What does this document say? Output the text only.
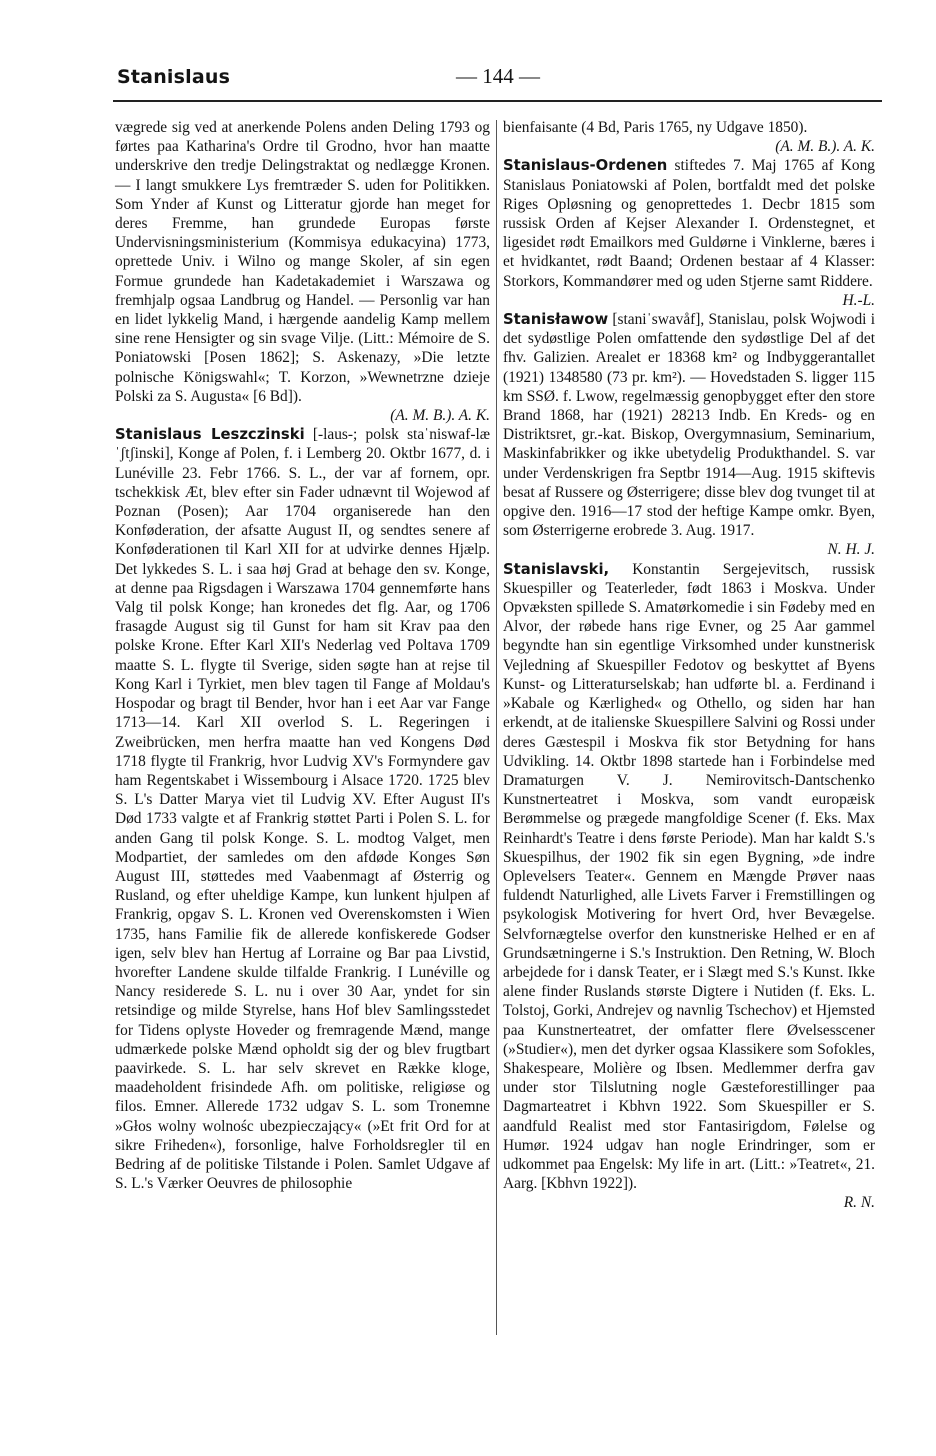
Stanislaus	— 144 —

vægrede sig ved at anerkende Polens anden Deling 1793 og førtes paa Katharina's Ordre til Grodno, hvor han maatte underskrive den tredje Delingstraktat og nedlægge Kronen. — I langt smukkere Lys fremtræder S. uden for Politikken. Som Ynder af Kunst og Litteratur gjorde han meget for deres Fremme, han grundede Europas første Undervisningsministerium (Kommisya edukacyina) 1773, oprettede Univ. i Wilno og mange Skoler, af sin egen Formue grundede han Kadetakademiet i Warszawa og fremhjalp ogsaa Landbrug og Handel. — Personlig var han en lidet lykkelig Mand, i hærgende aandelig Kamp mellem sine rene Hensigter og sin svage Vilje. (Litt.: Mémoire de S. Poniatowski [Posen 1862]; S. Askenazy, »Die letzte polnische Königswahl«; T. Korzon, »Wewnetrzne dzieje Polski za S. Augusta« [6 Bd]).
(A. M. B.). A. K.

Stanislaus Leszczinski [-laus-; polsk staˈniswaf-læˈʃtʃinski], Konge af Polen, f. i Lemberg 20. Oktbr 1677, d. i Lunéville 23. Febr 1766. S. L., der var af fornem, opr. tschekkisk Æt, blev efter sin Fader udnævnt til Wojewod af Poznan (Posen); Aar 1704 organiserede han den Konføderation, der afsatte August II, og sendtes senere af Konføderationen til Karl XII for at udvirke dennes Hjælp. Det lykkedes S. L. i saa høj Grad at behage den sv. Konge, at denne paa Rigsdagen i Warszawa 1704 gennemførte hans Valg til polsk Konge; han kronedes det flg. Aar, og 1706 frasagde August sig til Gunst for ham sit Krav paa den polske Krone. Efter Karl XII's Nederlag ved Poltava 1709 maatte S. L. flygte til Sverige, siden søgte han at rejse til Kong Karl i Tyrkiet, men blev tagen til Fange af Moldau's Hospodar og bragt til Bender, hvor han i eet Aar var Fange 1713—14. Karl XII overlod S. L. Regeringen i Zweibrücken, men herfra maatte han ved Kongens Død 1718 flygte til Frankrig, hvor Ludvig XV's Formyndere gav ham Regentskabet i Wissembourg i Alsace 1720. 1725 blev S. L's Datter Marya viet til Ludvig XV. Efter August II's Død 1733 valgte et af Frankrig støttet Parti i Polen S. L. for anden Gang til polsk Konge. S. L. modtog Valget, men Modpartiet, der samledes om den afdøde Konges Søn August III, støttedes med Vaabenmagt af Østerrig og Rusland, og efter uheldige Kampe, kun lunkent hjulpen af Frankrig, opgav S. L. Kronen ved Overenskomsten i Wien 1735, hans Familie fik de allerede konfiskerede Godser igen, selv blev han Hertug af Lorraine og Bar paa Livstid, hvorefter Landene skulde tilfalde Frankrig. I Lunéville og Nancy residerede S. L. nu i over 30 Aar, yndet for sin retsindige og milde Styrelse, hans Hof blev Samlingsstedet for Tidens oplyste Hoveder og fremragende Mænd, mange udmærkede polske Mænd opholdt sig der og blev frugtbart paavirkede. S. L. har selv skrevet en Række kloge, maadeholdent frisindede Afh. om politiske, religiøse og filos. Emner. Allerede 1732 udgav S. L. som Tronemne »Głos wolny wolnośc ubezpieczający« (»Et frit Ord for at sikre Friheden«), forsonlige, halve Forholdsregler til en Bedring af de politiske Tilstande i Polen. Samlet Udgave af S. L.'s Værker Oeuvres de philosophie

bienfaisante (4 Bd, Paris 1765, ny Udgave 1850).
(A. M. B.). A. K.

Stanislaus-Ordenen stiftedes 7. Maj 1765 af Kong Stanislaus Poniatowski af Polen, bortfaldt med det polske Riges Opløsning og genoprettedes 1. Decbr 1815 som russisk Orden af Kejser Alexander I. Ordenstegnet, et ligesidet rødt Emailkors med Guldørne i Vinklerne, bæres i et hvidkantet, rødt Baand; Ordenen bestaar af 4 Klasser: Storkors, Kommandører med og uden Stjerne samt Riddere.
H.-L.

Stanisławow [staniˈswavåf], Stanislau, polsk Wojwodi i det sydøstlige Polen omfattende den sydøstlige Del af det fhv. Galizien. Arealet er 18368 km² og Indbyggerantallet (1921) 1348580 (73 pr. km²). — Hovedstaden S. ligger 115 km SSØ. f. Lwow, regelmæssig genopbygget efter den store Brand 1868, har (1921) 28213 Indb. En Kreds- og en Distriktsret, gr.-kat. Biskop, Overgymnasium, Seminarium, Maskinfabrikker og ikke ubetydelig Produkthandel. S. var under Verdenskrigen fra Septbr 1914—Aug. 1915 skiftevis besat af Russere og Østerrigere; disse blev dog tvunget til at opgive den. 1916—17 stod der heftige Kampe omkr. Byen, som Østerrigerne erobrede 3. Aug. 1917.
N. H. J.

Stanislavski, Konstantin Sergejevitsch, russisk Skuespiller og Teaterleder, født 1863 i Moskva. Under Opvæksten spillede S. Amatørkomedie i sin Fødeby med en Alvor, der røbede hans rige Evner, og 25 Aar gammel begyndte han sin egentlige Virksomhed under kunstnerisk Vejledning af Skuespiller Fedotov og beskyttet af Byens Kunst- og Litteraturselskab; han udførte bl. a. Ferdinand i »Kabale og Kærlighed« og Othello, og siden har han erkendt, at de italienske Skuespillere Salvini og Rossi under deres Gæstespil i Moskva fik stor Betydning for hans Udvikling. 14. Oktbr 1898 startede han i Forbindelse med Dramaturgen V. J. Nemirovitsch-Dantschenko Kunstnerteatret i Moskva, som vandt europæisk Berømmelse og prægede mangfoldige Scener (f. Eks. Max Reinhardt's Teatre i dens første Periode). Man har kaldt S.'s Skuespilhus, der 1902 fik sin egen Bygning, »de indre Oplevelsers Teater«. Gennem en Mængde Prøver naas fuldendt Naturlighed, alle Livets Farver i Fremstillingen og psykologisk Motivering for hvert Ord, hver Bevægelse. Selvfornægtelse overfor den kunstneriske Helhed er en af Grundsætningerne i S.'s Instruktion. Den Retning, W. Bloch arbejdede for i dansk Teater, er i Slægt med S.'s Kunst. Ikke alene finder Ruslands største Digtere i Nutiden (f. Eks. L. Tolstoj, Gorki, Andrejev og navnlig Tschechov) et Hjemsted paa Kunstnerteatret, der omfatter flere Øvelsesscener (»Studier«), men det dyrker ogsaa Klassikere som Sofokles, Shakespeare, Molière og Ibsen. Medlemmer derfra gav under stor Tilslutning nogle Gæsteforestillinger paa Dagmarteatret i Kbhvn 1922. Som Skuespiller er S. aandfuld Realist med stor Fantasirigdom, Følelse og Humør. 1924 udgav han nogle Erindringer, som er udkommet paa Engelsk: My life in art. (Litt.: »Teatret«, 21. Aarg. [Kbhvn 1922]).
R. N.
